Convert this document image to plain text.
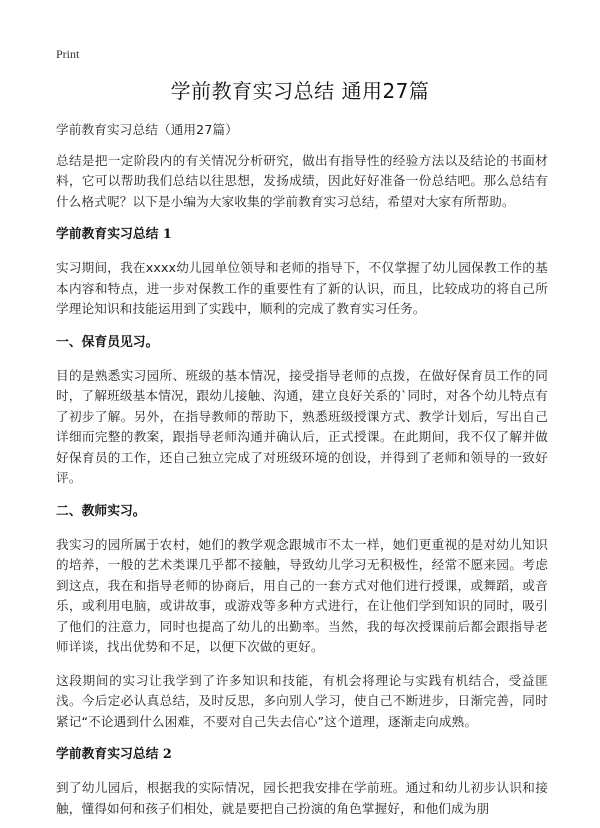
Print
学前教育实习总结 通用27篇

学前教育实习总结（通用27篇）

总结是把一定阶段内的有关情况分析研究，做出有指导性的经验方法以及结论的书面材料，它可以帮助我们总结以往思想，发扬成绩，因此好好准备一份总结吧。那么总结有什么格式呢？以下是小编为大家收集的学前教育实习总结，希望对大家有所帮助。

学前教育实习总结 1

实习期间，我在xxxx幼儿园单位领导和老师的指导下，不仅掌握了幼儿园保教工作的基本内容和特点，进一步对保教工作的重要性有了新的认识，而且，比较成功的将自己所学理论知识和技能运用到了实践中，顺利的完成了教育实习任务。

一、保育员见习。

目的是熟悉实习园所、班级的基本情况，接受指导老师的点拨，在做好保育员工作的同时，了解班级基本情况，跟幼儿接触、沟通，建立良好关系的`同时，对各个幼儿特点有了初步了解。另外，在指导教师的帮助下，熟悉班级授课方式、教学计划后，写出自己详细而完整的教案，跟指导老师沟通并确认后，正式授课。在此期间，我不仅了解并做好保育员的工作，还自己独立完成了对班级环境的创设，并得到了老师和领导的一致好评。

二、教师实习。

我实习的园所属于农村，她们的教学观念跟城市不太一样，她们更重视的是对幼儿知识的培养，一般的艺术类课几乎都不接触，导致幼儿学习无积极性，经常不愿来园。考虑到这点，我在和指导老师的协商后，用自己的一套方式对他们进行授课，或舞蹈，或音乐，或利用电脑，或讲故事，或游戏等多种方式进行，在让他们学到知识的同时，吸引了他们的注意力，同时也提高了幼儿的出勤率。当然，我的每次授课前后都会跟指导老师详谈，找出优势和不足，以便下次做的更好。

这段期间的实习让我学到了许多知识和技能，有机会将理论与实践有机结合，受益匪浅。今后定必认真总结，及时反思，多向别人学习，使自己不断进步，日渐完善，同时紧记“不论遇到什么困难，不要对自己失去信心”这个道理，逐渐走向成熟。

学前教育实习总结 2

到了幼儿园后，根据我的实际情况，园长把我安排在学前班。通过和幼儿初步认识和接触，懂得如何和孩子们相处，就是要把自己扮演的角色掌握好，和他们成为朋
